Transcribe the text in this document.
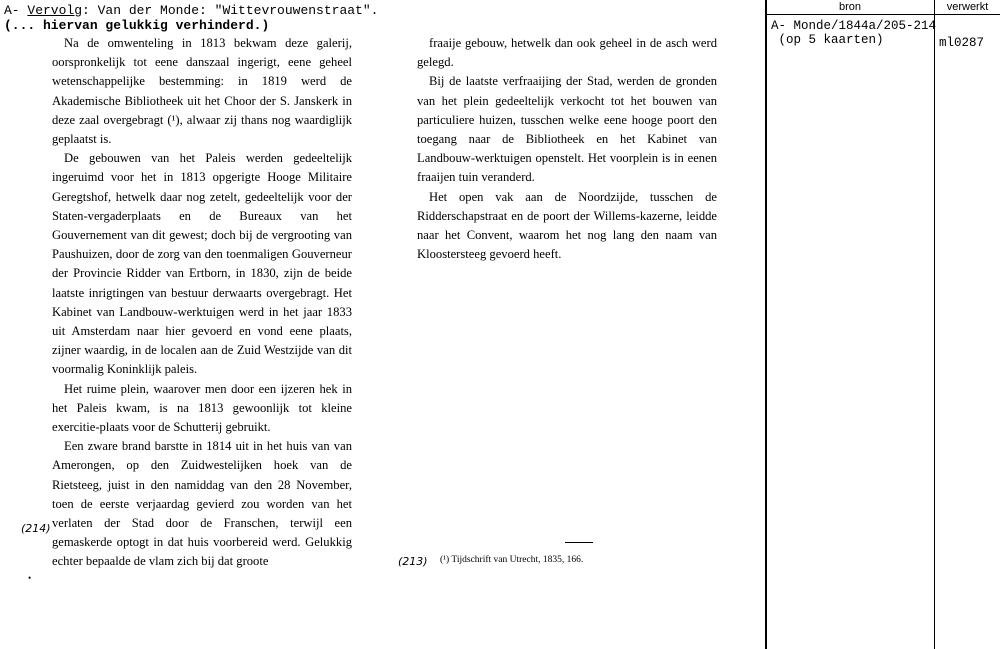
A- Vervolg: Van der Monde: "Wittevrouwenstraat".
(... hiervan gelukkig verhinderd.)

Na de omwenteling in 1813 bekwam deze galerij, oorspronkelijk tot eene danszaal ingerigt, eene geheel wetenschappelijke bestemming: in 1819 werd de Akademische Bibliotheek uit het Choor der S. Janskerk in deze zaal overgebragt (¹), alwaar zij thans nog waardiglijk geplaatst is.

De gebouwen van het Paleis werden gedeeltelijk ingeruimd voor het in 1813 opgerigte Hooge Militaire Geregtshof, hetwelk daar nog zetelt, gedeeltelijk voor der Staten-vergaderplaats en de Bureaux van het Gouvernement van dit gewest; doch bij de vergrooting van Paushuizen, door de zorg van den toenmaligen Gouverneur der Provincie Ridder van Ertborn, in 1830, zijn de beide laatste inrigtingen van bestuur derwaarts overgebragt. Het Kabinet van Landbouw-werktuigen werd in het jaar 1833 uit Amsterdam naar hier gevoerd en vond eene plaats, zijner waardig, in de localen aan de Zuid Westzijde van dit voormalig Koninklijk paleis.

Het ruime plein, waarover men door een ijzeren hek in het Paleis kwam, is na 1813 gewoonlijk tot kleine exercitie-plaats voor de Schutterij gebruikt.

Een zware brand barstte in 1814 uit in het huis van van Amerongen, op den Zuidwestelijken hoek van de Rietsteeg, juist in den namiddag van den 28 November, toen de eerste verjaardag gevierd zou worden van het verlaten der Stad door de Franschen, terwijl een gemaskerde optogt in dat huis voorbereid werd. Gelukkig echter bepaalde de vlam zich bij dat groote

fraaije gebouw, hetwelk dan ook geheel in de asch werd gelegd.

Bij de laatste verfraaijing der Stad, werden de gronden van het plein gedeeltelijk verkocht tot het bouwen van particuliere huizen, tusschen welke eene hooge poort den toegang naar de Bibliotheek en het Kabinet van Landbouw-werktuigen openstelt. Het voorplein is in eenen fraaijen tuin veranderd.

Het open vak aan de Noordzijde, tusschen de Ridderschapstraat en de poort der Willems-kazerne, leidde naar het Convent, waarom het nog lang den naam van Kloostersteeg gevoerd heeft.

(214)
•
(213) (¹) Tijdschrift van Utrecht, 1835, 166.
bron	verwerkt
A- Monde/1844a/205-214
(op 5 kaarten)	ml0287
